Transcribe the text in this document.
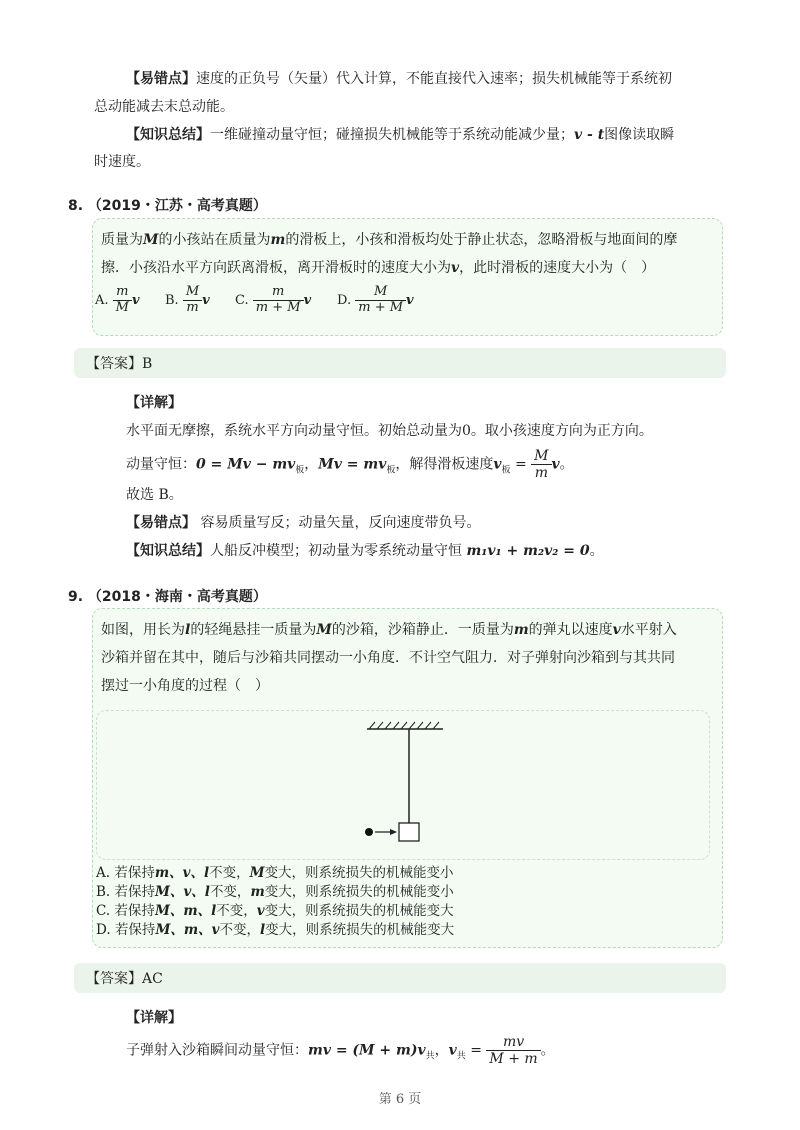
【易错点】速度的正负号（矢量）代入计算，不能直接代入速率；损失机械能等于系统初
总动能减去末总动能。
【知识总结】一维碰撞动量守恒；碰撞损失机械能等于系统动能减少量；v - t图像读取瞬
时速度。
8. （2019・江苏・高考真题）
质量为M的小孩站在质量为m的滑板上，小孩和滑板均处于静止状态，忽略滑板与地面间的摩
擦．小孩沿水平方向跃离滑板，离开滑板时的速度大小为v，此时滑板的速度大小为（　）
A. $\frac{m}{M}$ v B. $\frac{M}{m}$ v C. $\frac{m}{m + M}$ v D. $\frac{M}{m + M}$ v
【答案】B
【详解】
水平面无摩擦，系统水平方向动量守恒。初始总动量为0。取小孩速度方向为正方向。
动量守恒：$0 = Mv - mv_板$，$Mv = mv_板$，解得滑板速度$v_板 = \frac{M}{m}$ v。
故选 B。
【易错点】 容易质量写反；动量矢量，反向速度带负号。
【知识总结】人船反冲模型；初动量为零系统动量守恒 m₁v₁ + m₂v₂ = 0。
9. （2018・海南・高考真题）
如图，用长为l的轻绳悬挂一质量为M的沙箱，沙箱静止．一质量为m的弹丸以速度v水平射入
沙箱并留在其中，随后与沙箱共同摆动一小角度．不计空气阻力．对子弹射向沙箱到与其共同
摆过一小角度的过程（　）
A. 若保持m、v、l不变，M变大，则系统损失的机械能变小
B. 若保持M、v、l不变，m变大，则系统损失的机械能变小
C. 若保持M、m、l不变，v变大，则系统损失的机械能变大
D. 若保持M、m、v不变，l变大，则系统损失的机械能变大
【答案】AC
【详解】
子弹射入沙箱瞬间动量守恒：mv = $(M + m)v_共$，$v_共 = \frac{mv}{M + m}$ 。
第 6 页
